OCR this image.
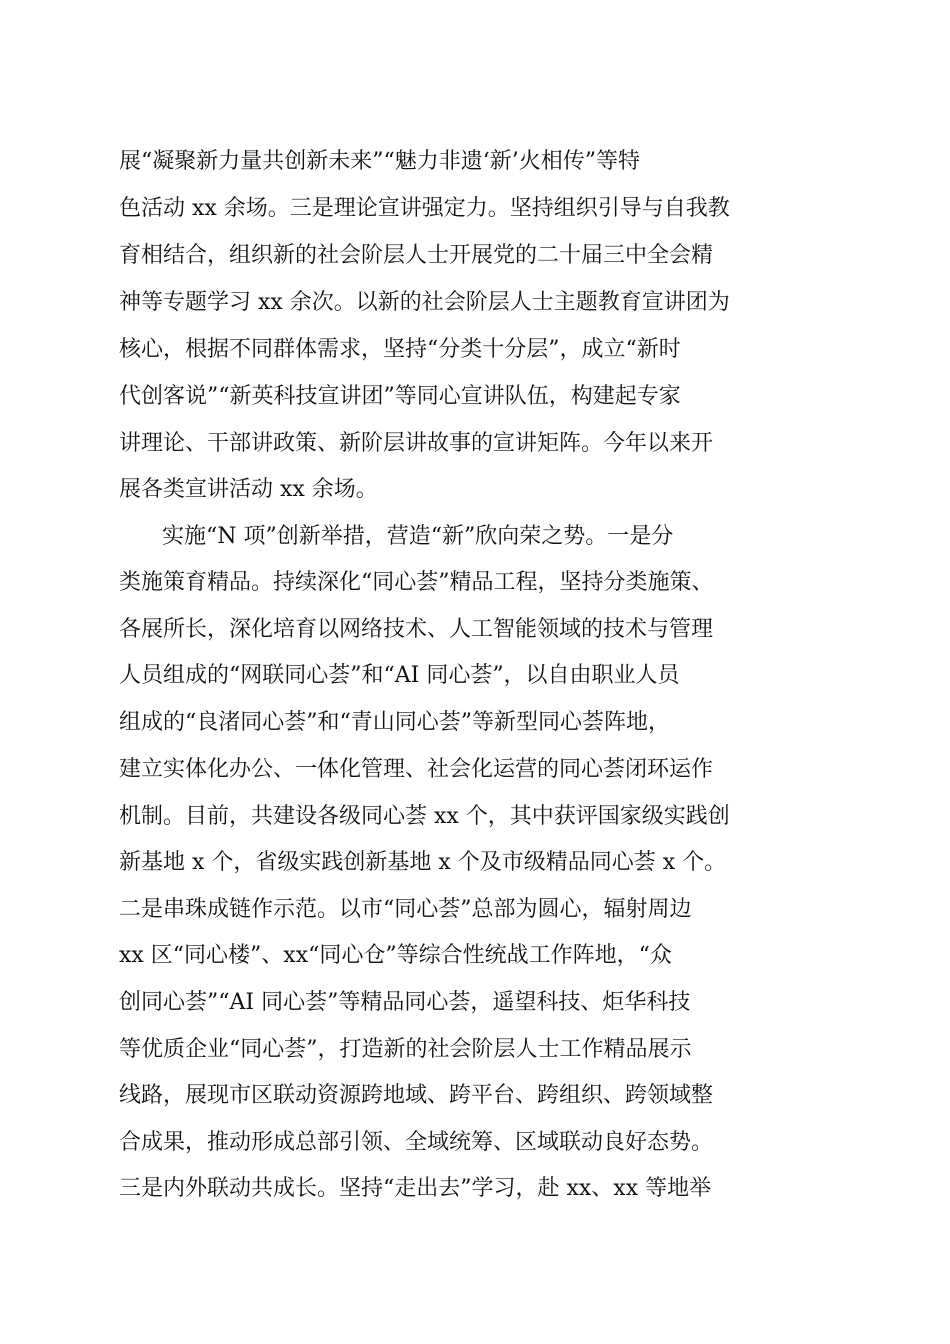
展“凝聚新力量共创新未来”“魅力非遗‘新’火相传”等特
色活动 xx 余场。三是理论宣讲强定力。坚持组织引导与自我教
育相结合，组织新的社会阶层人士开展党的二十届三中全会精
神等专题学习 xx 余次。以新的社会阶层人士主题教育宣讲团为
核心，根据不同群体需求，坚持“分类十分层”，成立“新时
代创客说”“新英科技宣讲团”等同心宣讲队伍，构建起专家
讲理论、干部讲政策、新阶层讲故事的宣讲矩阵。今年以来开
展各类宣讲活动 xx 余场。
实施“N 项”创新举措，营造“新”欣向荣之势。一是分
类施策育精品。持续深化“同心荟”精品工程，坚持分类施策、
各展所长，深化培育以网络技术、人工智能领域的技术与管理
人员组成的“网联同心荟”和“AI 同心荟”，以自由职业人员
组成的“良渚同心荟”和“青山同心荟”等新型同心荟阵地，
建立实体化办公、一体化管理、社会化运营的同心荟闭环运作
机制。目前，共建设各级同心荟 xx 个，其中获评国家级实践创
新基地 x 个，省级实践创新基地 x 个及市级精品同心荟 x 个。
二是串珠成链作示范。以市“同心荟”总部为圆心，辐射周边
xx 区“同心楼”、xx“同心仓”等综合性统战工作阵地，“众
创同心荟”“AI 同心荟”等精品同心荟，遥望科技、炬华科技
等优质企业“同心荟”，打造新的社会阶层人士工作精品展示
线路，展现市区联动资源跨地域、跨平台、跨组织、跨领域整
合成果，推动形成总部引领、全域统筹、区域联动良好态势。
三是内外联动共成长。坚持“走出去”学习，赴 xx、xx 等地举
